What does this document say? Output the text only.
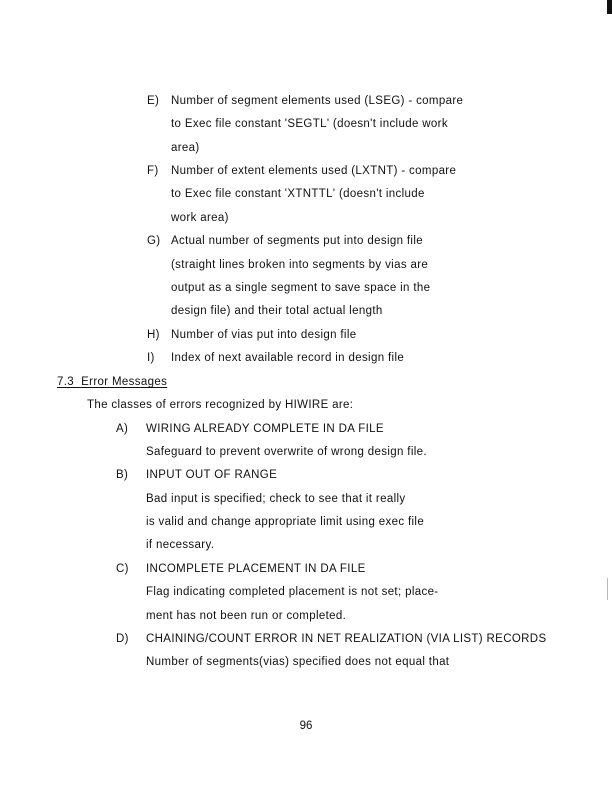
E) Number of segment elements used (LSEG) - compare
to Exec file constant 'SEGTL' (doesn't include work
area)
F) Number of extent elements used (LXTNT) - compare
to Exec file constant 'XTNTTL' (doesn't include
work area)
G) Actual number of segments put into design file
(straight lines broken into segments by vias are
output as a single segment to save space in the
design file) and their total actual length
H) Number of vias put into design file
I) Index of next available record in design file
7.3 Error Messages
The classes of errors recognized by HIWIRE are:
A) WIRING ALREADY COMPLETE IN DA FILE
Safeguard to prevent overwrite of wrong design file.
B) INPUT OUT OF RANGE
Bad input is specified; check to see that it really
is valid and change appropriate limit using exec file
if necessary.
C) INCOMPLETE PLACEMENT IN DA FILE
Flag indicating completed placement is not set; place-
ment has not been run or completed.
D) CHAINING/COUNT ERROR IN NET REALIZATION (VIA LIST) RECORDS
Number of segments(vias) specified does not equal that
96
